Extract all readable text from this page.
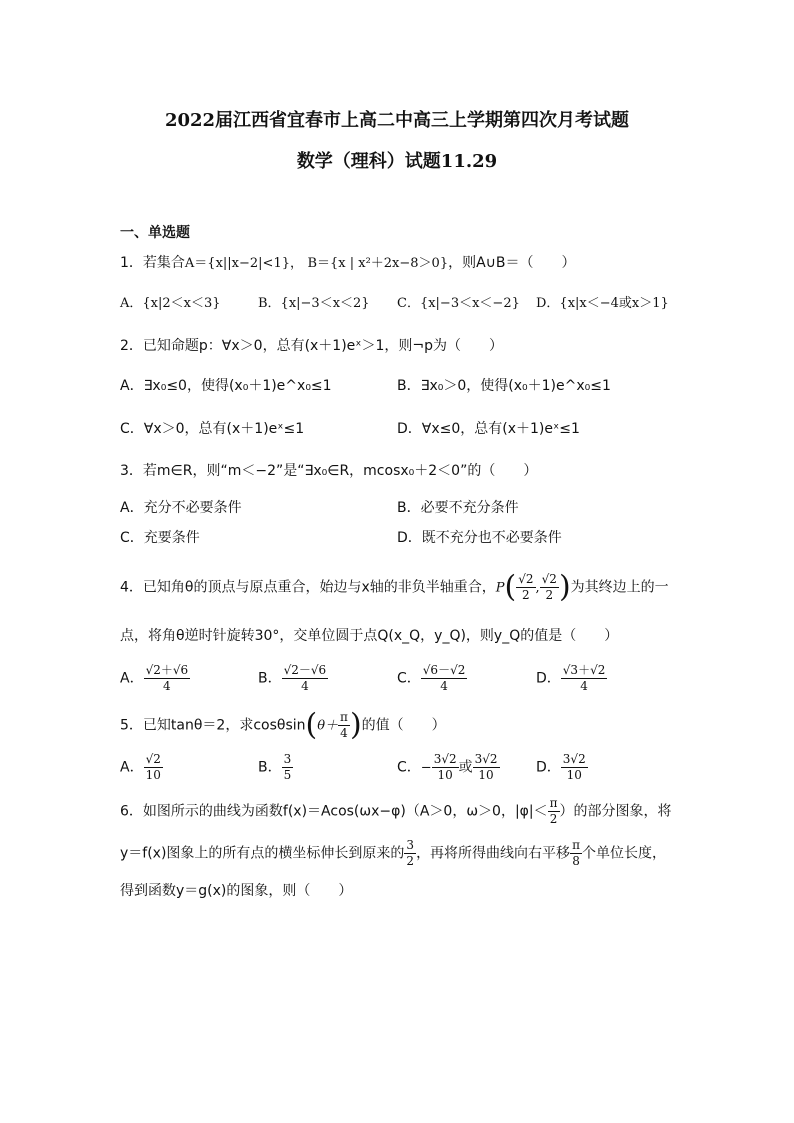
2022届江西省宜春市上高二中高三上学期第四次月考试题
数学（理科）试题11.29
一、单选题
1．若集合A＝{x||x−2|<1}， B＝{x | x²＋2x−8＞0}，则A∪B＝（　　）
A．{x|2＜x＜3}	B．{x|−3＜x＜2} C．{x|−3＜x＜−2} D．{x|x＜−4或x＞1}
2．已知命题p：∀x＞0，总有(x＋1)eˣ＞1，则¬p为（　　）
A．∃x₀≤0，使得(x₀＋1)e^x₀≤1	B．∃x₀＞0，使得(x₀＋1)e^x₀≤1
C．∀x＞0，总有(x＋1)eˣ≤1	D．∀x≤0，总有(x＋1)eˣ≤1
3．若m∈R，则“m＜−2”是“∃x₀∈R，mcosx₀＋2＜0”的（　　）
A．充分不必要条件	B．必要不充分条件
C．充要条件	D．既不充分也不必要条件
4．已知角θ的顶点与原点重合，始边与x轴的非负半轴重合，$P( \frac{√2}{2}$ , $\frac{√2}{2}$ )为其终边上的一
点，将角θ逆时针旋转30°，交单位圆于点Q(x_Q，y_Q)，则y_Q的值是（　　）
A． $\frac{√2+√6}{4}$	B． $\frac{√2-√6}{4}$	C． $\frac{√6-√2}{4}$	D． $\frac{√3+√2}{4}$
5．已知tanθ＝2，求$\cos\theta\sin(\theta+ \frac{\pi}{4}$ )的值（　　）
A． $\frac{√2}{10}$	B． $\frac{3}{5}$	C．− $\frac{3√2}{10}$ 或 $\frac{3√2}{10}$	D． $\frac{3√2}{10}$
6．如图所示的曲线为函数f(x)＝Acos(ωx−φ)（A＞0，ω＞0，$|\varphi|< \frac{\pi}{2}$ ）的部分图象，将
y＝f(x)图象上的所有点的横坐标伸长到原来的 $\frac{3}{2}$ ，再将所得曲线向右平移 $\frac{\pi}{8}$ 个单位长度，
得到函数y＝g(x)的图象，则（　　）
